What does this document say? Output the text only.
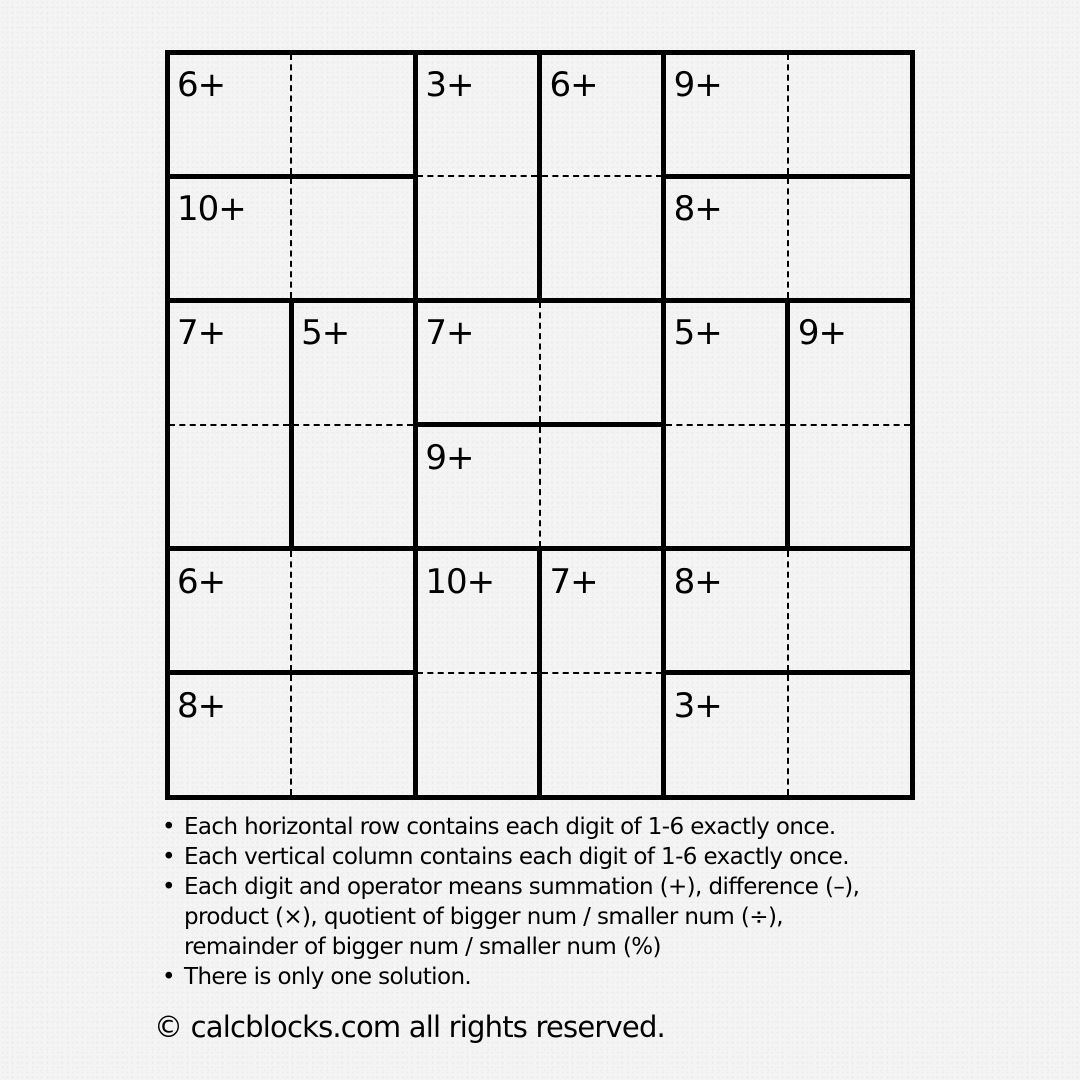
6+	3+ 6+ 9+
10+	8+
7+ 5+ 7+	5+ 9+
9+
6+	10+ 7+ 8+
8+	3+
• Each horizontal row contains each digit of 1-6 exactly once.
• Each vertical column contains each digit of 1-6 exactly once.
• Each digit and operator means summation (+), difference (–),
product (×), quotient of bigger num / smaller num (÷),
remainder of bigger num / smaller num (%)
• There is only one solution.
© calcblocks.com all rights reserved.
